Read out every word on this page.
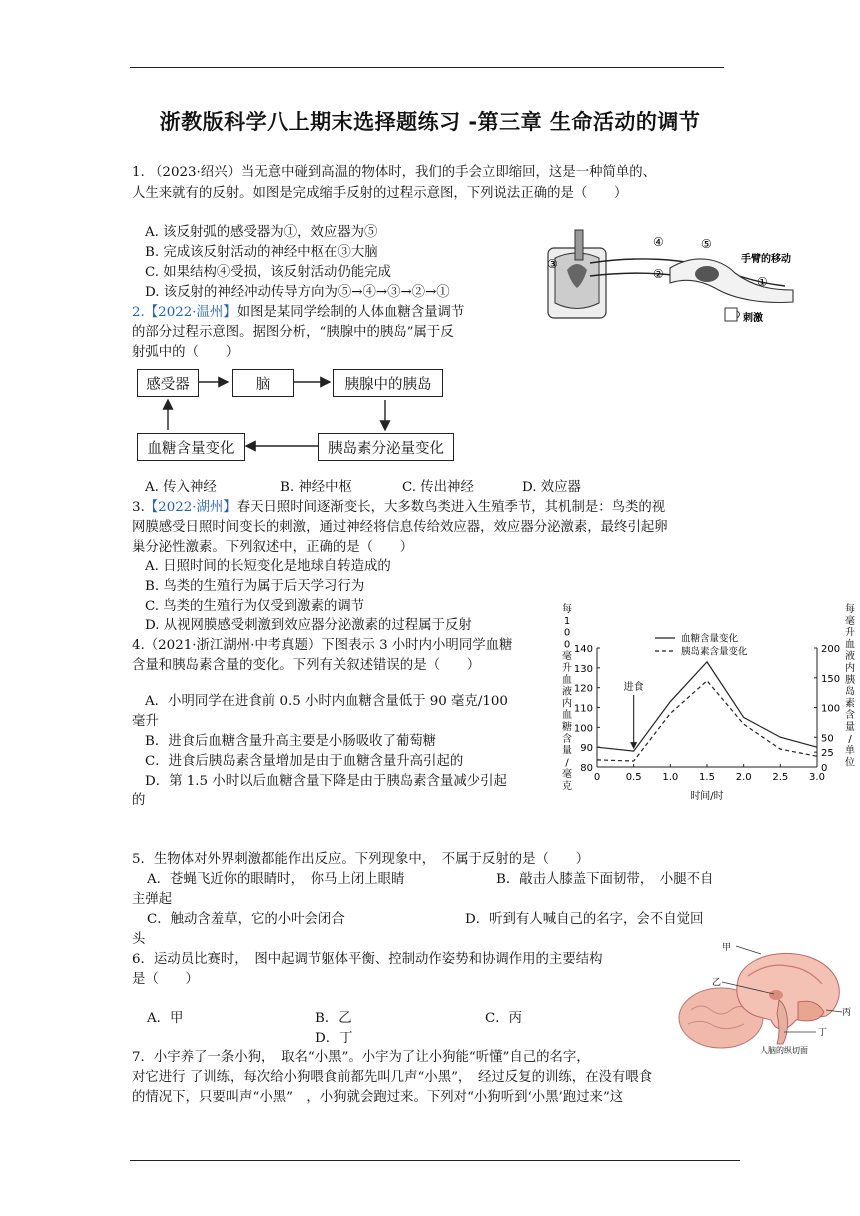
浙教版科学八上期末选择题练习 -第三章 生命活动的调节
1. （2023·绍兴）当无意中碰到高温的物体时，我们的手会立即缩回，这是一种简单的、
人生来就有的反射。如图是完成缩手反射的过程示意图，下列说法正确的是（　　）
A. 该反射弧的感受器为①，效应器为⑤
B. 完成该反射活动的神经中枢在③大脑
C. 如果结构④受损，该反射活动仍能完成
D. 该反射的神经冲动传导方向为⑤→④→③→②→①
③
④
②
⑤
①
手臂的移动
刺激
2.【2022·温州】如图是某同学绘制的人体血糖含量调节
的部分过程示意图。据图分析，“胰腺中的胰岛”属于反
射弧中的（　　）
感受器	脑	胰腺中的胰岛
血糖含量变化	胰岛素分泌量变化
A. 传入神经	B. 神经中枢	C. 传出神经	D. 效应器
3.【2022·湖州】春天日照时间逐渐变长，大多数鸟类进入生殖季节，其机制是：鸟类的视
网膜感受日照时间变长的刺激，通过神经将信息传给效应器，效应器分泌激素，最终引起卵
巢分泌性激素。下列叙述中，正确的是（　　）
A. 日照时间的长短变化是地球自转造成的
B. 鸟类的生殖行为属于后天学习行为
C. 鸟类的生殖行为仅受到激素的调节
D. 从视网膜感受刺激到效应器分泌激素的过程属于反射
4.（2021·浙江湖州·中考真题）下图表示 3 小时内小明同学血糖
含量和胰岛素含量的变化。下列有关叙述错误的是（　　）
A．小明同学在进食前 0.5 小时内血糖含量低于 90 毫克/100
毫升
B．进食后血糖含量升高主要是小肠吸收了葡萄糖
C．进食后胰岛素含量增加是由于血糖含量升高引起的
D．第 1.5 小时以后血糖含量下降是由于胰岛素含量减少引起
的
0	0.5 1.0 1.5 2.0 2.5 3.0
80
90
100
110
120
130
140
0
25
50
100
150
200
每
1
0
0
毫
升
血
液
内
血
糖
含
量
/
毫
克
每
毫
升
血
液
内
胰
岛
素
含
量
/
单
位
时间/时
血糖含量变化
胰岛素含量变化
进食
5．生物体对外界刺激都能作出反应。下列现象中，　不属于反射的是（　　）
A．苍蝇飞近你的眼睛时，　你马上闭上眼睛	B．敲击人膝盖下面韧带，　小腿不自
主弹起
C．触动含羞草，它的小叶会闭合	D．听到有人喊自己的名字，会不自觉回
头
6．运动员比赛时，　图中起调节躯体平衡、控制动作姿势和协调作用的主要结构
是（　　）
A．甲	B．乙	C．丙
D．丁
甲
乙
丙
丁
人脑的纵切面
7．小宇养了一条小狗，　取名“小黑”。小宇为了让小狗能“听懂”自己的名字，
对它进行 了训练，每次给小狗喂食前都先叫几声“小黑”，　经过反复的训练，在没有喂食
的情况下，只要叫声“小黑”　，小狗就会跑过来。下列对“小狗听到‘小黑’跑过来”这
